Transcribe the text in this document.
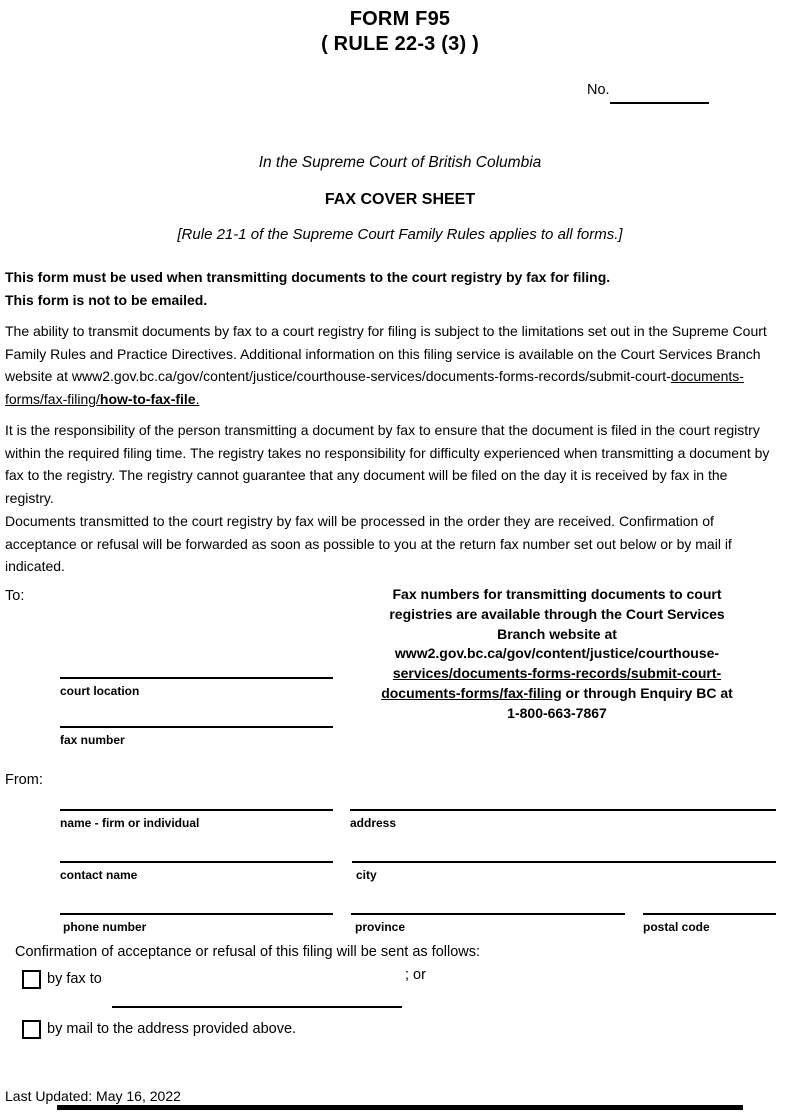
FORM F95
( RULE 22-3 (3) )
No.
In the Supreme Court of British Columbia
FAX COVER SHEET
[Rule 21-1 of the Supreme Court Family Rules applies to all forms.]
This form must be used when transmitting documents to the court registry by fax for filing.
This form is not to be emailed.
The ability to transmit documents by fax to a court registry for filing is subject to the limitations set out in the Supreme Court Family Rules and Practice Directives. Additional information on this filing service is available on the Court Services Branch website at www2.gov.bc.ca/gov/content/justice/courthouse-services/documents-forms-records/submit-court-documents-forms/fax-filing/how-to-fax-file.
It is the responsibility of the person transmitting a document by fax to ensure that the document is filed in the court registry within the required filing time. The registry takes no responsibility for difficulty experienced when transmitting a document by fax to the registry. The registry cannot guarantee that any document will be filed on the day it is received by fax in the registry.
Documents transmitted to the court registry by fax will be processed in the order they are received. Confirmation of acceptance or refusal will be forwarded as soon as possible to you at the return fax number set out below or by mail if indicated.
To:
court location
fax number
Fax numbers for transmitting documents to court
registries are available through the Court Services
Branch website at
www2.gov.bc.ca/gov/content/justice/courthouse-
services/documents-forms-records/submit-court-
documents-forms/fax-filing or through Enquiry BC at
1-800-663-7867
From:
name - firm or individual	address
contact name	city
phone number	province	postal code
Confirmation of acceptance or refusal of this filing will be sent as follows:
by fax to	; or
by mail to the address provided above.
Last Updated: May 16, 2022
